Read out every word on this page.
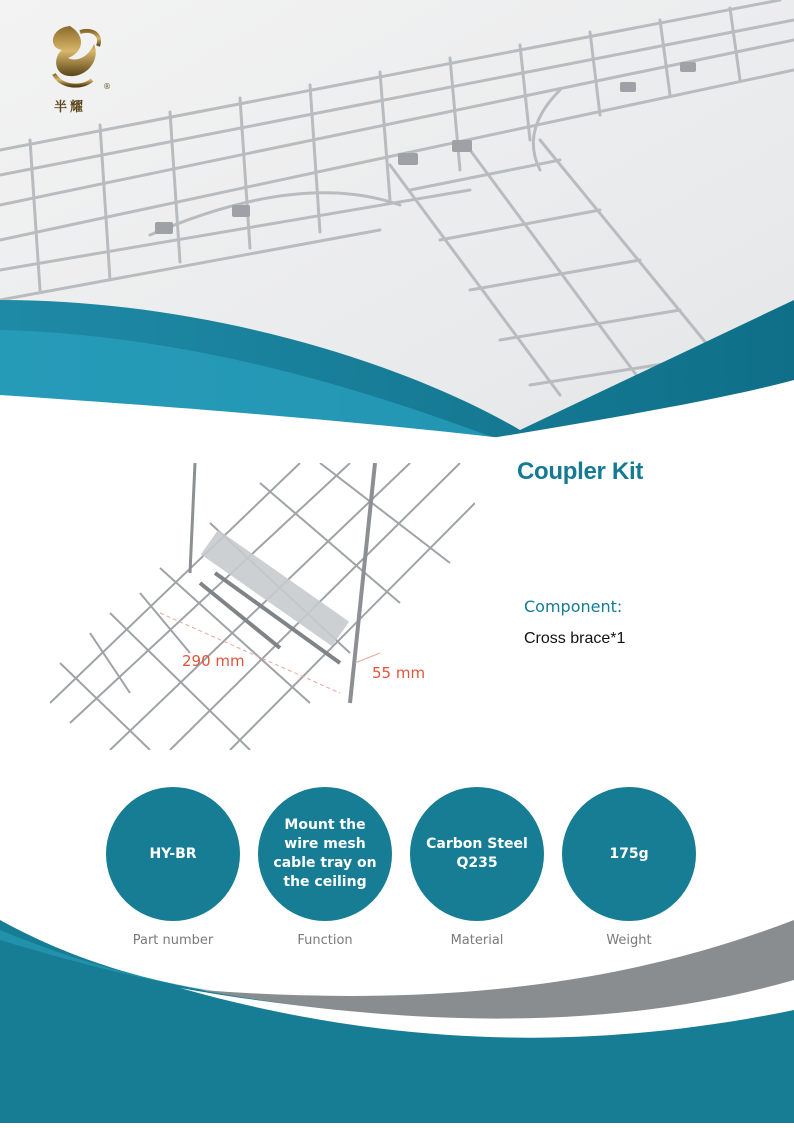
®
半耀
290 mm
55 mm
Coupler Kit
Component:
Cross brace*1
HY-BR
Part number
Mount the wire mesh cable tray on the ceiling
Function
Carbon Steel Q235
Material
175g
Weight
